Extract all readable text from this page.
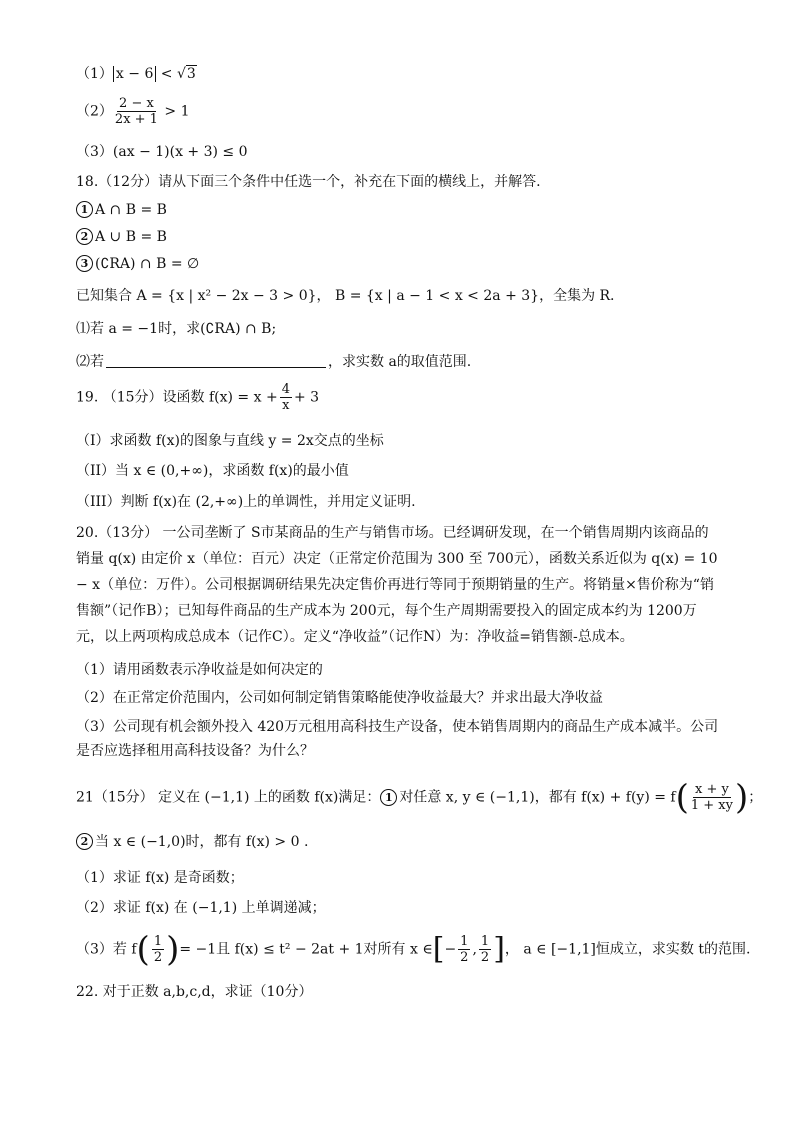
（1） x − 6 < √3
$(2) \frac{2 - x}{2x + 1} > 1$
（3）(ax − 1)(x + 3) ≤ 0
18.（12分）请从下面三个条件中任选一个，补充在下面的横线上，并解答.
1 A ∩ B = B
2 A ∪ B = B
3 (∁RA) ∩ B = ∅
已知集合 A = {x | x² − 2x − 3 > 0}， B = {x | a − 1 < x < 2a + 3}，全集为 R.
⑴若 a = −1时，求(∁RA) ∩ B;
⑵若	，求实数 a的取值范围.
19. （15分）设函数 $f(x) = x + \frac{4}{x} + 3$
（I）求函数 f(x)的图象与直线 y = 2x交点的坐标
（II）当 x ∈ (0,+∞)，求函数 f(x)的最小值
（III）判断 f(x)在 (2,+∞)上的单调性，并用定义证明.
20.（13分） 一公司垄断了 S市某商品的生产与销售市场。已经调研发现，在一个销售周期内该商品的销量 q(x) 由定价 x（单位：百元）决定（正常定价范围为 300 至 700元），函数关系近似为 q(x) = 10 − x（单位：万件）。公司根据调研结果先决定售价再进行等同于预期销量的生产。将销量×售价称为“销售额”（记作B）；已知每件商品的生产成本为 200元，每个生产周期需要投入的固定成本约为 1200万元，以上两项构成总成本（记作C）。定义“净收益”（记作N）为：净收益=销售额-总成本。
（1）请用函数表示净收益是如何决定的
（2）在正常定价范围内，公司如何制定销售策略能使净收益最大？并求出最大净收益
（3）公司现有机会额外投入 420万元租用高科技生产设备，使本销售周期内的商品生产成本减半。公司是否应选择租用高科技设备？为什么？
21（15分） 定义在 (−1,1) 上的函数 f(x)满足： 1 对任意 x, y ∈ (−1,1)，都有 $f(x) + f(y) = f( \frac{x + y}{1 + xy}$ )；
2 当 x ∈ (−1,0)时，都有 f(x) > 0 .
（1）求证 f(x) 是奇函数；
（2）求证 f(x) 在 (−1,1) 上单调递减；
（3）若 $f( \frac{1}{2}$ )= −1且 f(x) ≤ t² − 2at + 1对所有 x ∈[− $\frac{1}{2}$ , $\frac{1}{2}$ ]， a ∈ [−1,1]恒成立，求实数 t的范围.
22. 对于正数 a,b,c,d，求证（10分）
